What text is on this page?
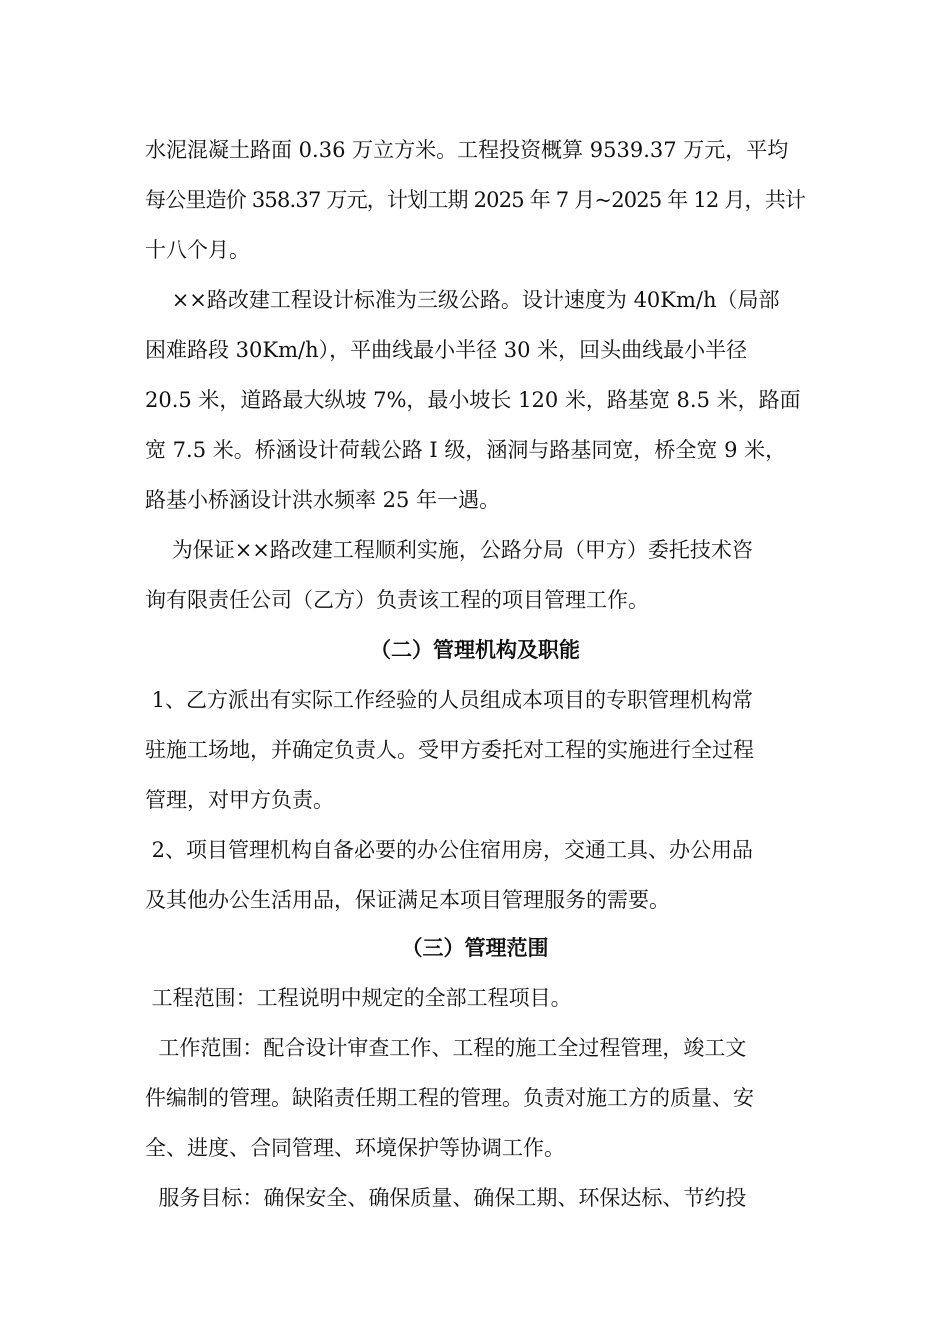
水泥混凝土路面 0.36 万立方米。工程投资概算 9539.37 万元，平均
每公里造价 358.37 万元，计划工期 2025 年 7 月~2025 年 12 月，共计
十八个月。
××路改建工程设计标准为三级公路。设计速度为 40Km/h（局部
困难路段 30Km/h），平曲线最小半径 30 米，回头曲线最小半径
20.5 米，道路最大纵坡 7%，最小坡长 120 米，路基宽 8.5 米，路面
宽 7.5 米。桥涵设计荷载公路 I 级，涵洞与路基同宽，桥全宽 9 米，
路基小桥涵设计洪水频率 25 年一遇。
为保证××路改建工程顺利实施，公路分局（甲方）委托技术咨
询有限责任公司（乙方）负责该工程的项目管理工作。
（二）管理机构及职能
1、乙方派出有实际工作经验的人员组成本项目的专职管理机构常
驻施工场地，并确定负责人。受甲方委托对工程的实施进行全过程
管理，对甲方负责。
2、项目管理机构自备必要的办公住宿用房，交通工具、办公用品
及其他办公生活用品，保证满足本项目管理服务的需要。
（三）管理范围
工程范围：工程说明中规定的全部工程项目。
工作范围：配合设计审查工作、工程的施工全过程管理，竣工文
件编制的管理。缺陷责任期工程的管理。负责对施工方的质量、安
全、进度、合同管理、环境保护等协调工作。
服务目标：确保安全、确保质量、确保工期、环保达标、节约投
